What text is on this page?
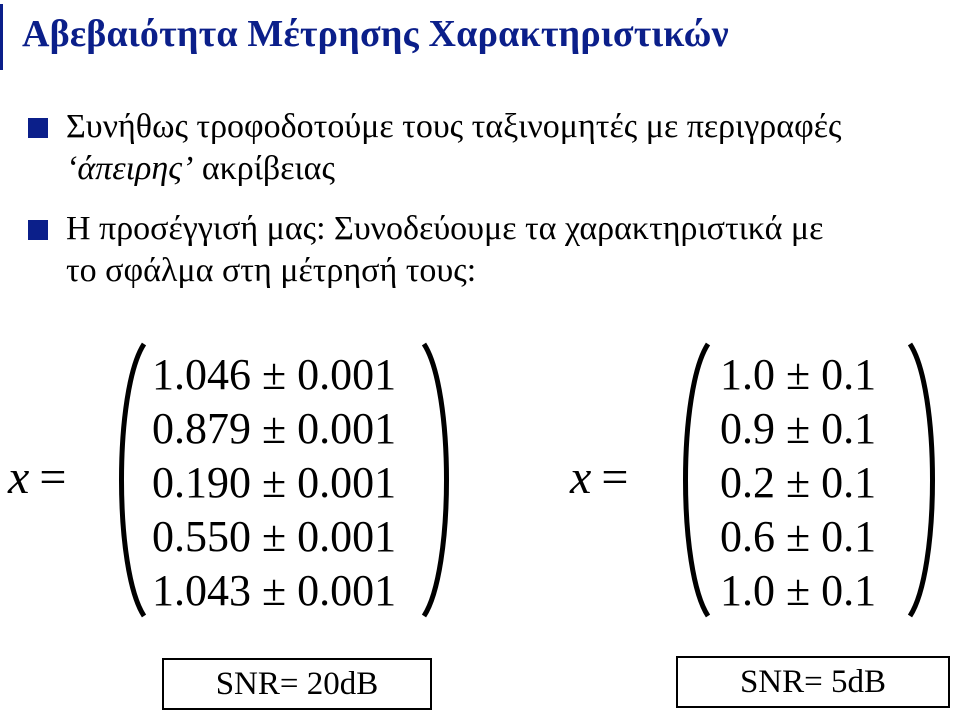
Αβεβαιότητα Μέτρησης Χαρακτηριστικών
Συνήθως τροφοδοτούμε τους ταξινομητές με περιγραφές
‘άπειρης’ ακρίβειας
Η προσέγγισή μας: Συνοδεύουμε τα χαρακτηριστικά με
το σφάλμα στη μέτρησή τους:
x =
1.046 ± 0.001
0.879 ± 0.001
0.190 ± 0.001
0.550 ± 0.001
1.043 ± 0.001
x =
1.0 ± 0.1
0.9 ± 0.1
0.2 ± 0.1
0.6 ± 0.1
1.0 ± 0.1
SNR= 20dB	SNR= 5dB
